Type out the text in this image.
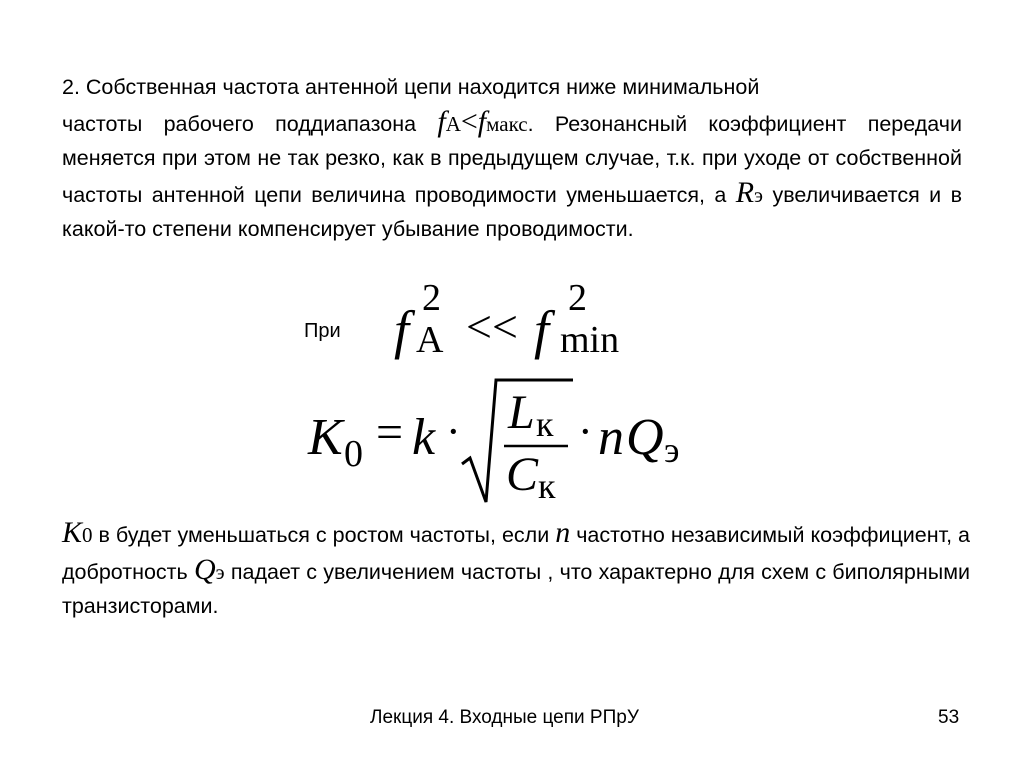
2. Собственная частота антенной цепи находится ниже минимальной
частоты рабочего поддиапазона fA<fмакс. Резонансный коэффициент передачи меняется при этом не так резко, как в предыдущем случае, т.к. при уходе от собственной частоты антенной цепи величина проводимости уменьшается, а Rэ увеличивается и в какой-то степени компенсирует убывание проводимости.

При f
2
A << f
2
min
K 0 = k · L к
C к
· n Q э

K0 в будет уменьшаться с ростом частоты, если n частотно независимый коэффициент, а добротность Qэ падает с увеличением частоты , что характерно для схем с биполярными транзисторами.

Лекция 4. Входные цепи РПрУ	53
